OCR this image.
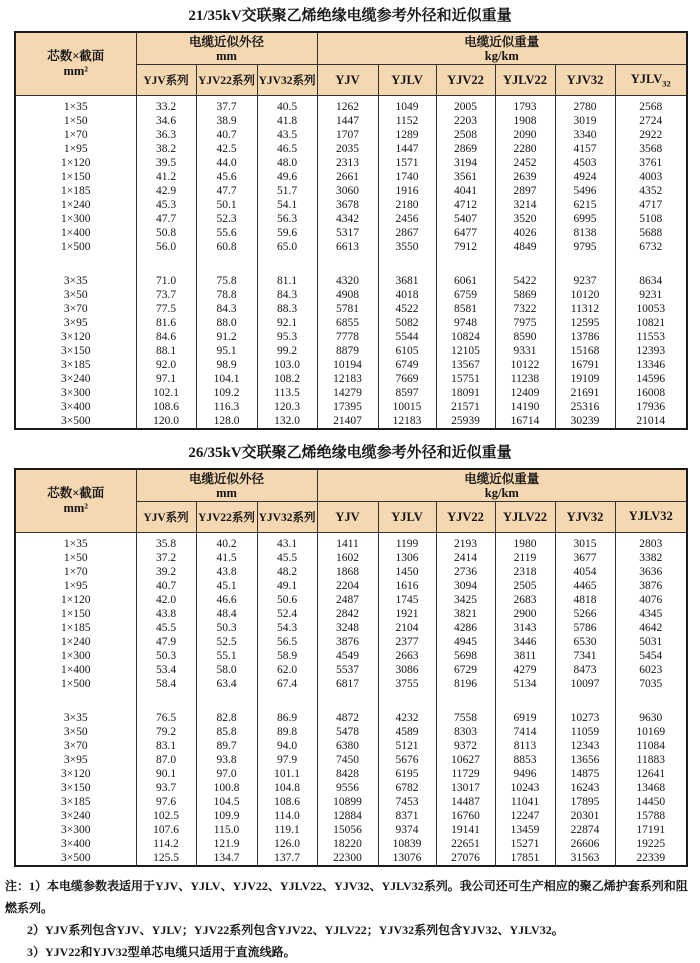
21/35kV交联聚乙烯绝缘电缆参考外径和近似重量
芯数×截面
mm²	电缆近似外径
mm			电缆近似重量
kg/km					
	YJV系列	YJV22系列	YJV32系列	YJV	YJLV	YJV22	YJLV22	YJV32	$YJLV_{32}$
1×35	33.2	37.7	40.5	1262	1049	2005	1793	2780	2568
1×50	34.6	38.9	41.8	1447	1152	2203	1908	3019	2724
1×70	36.3	40.7	43.5	1707	1289	2508	2090	3340	2922
1×95	38.2	42.5	46.5	2035	1447	2869	2280	4157	3568
1×120	39.5	44.0	48.0	2313	1571	3194	2452	4503	3761
1×150	41.2	45.6	49.6	2661	1740	3561	2639	4924	4003
1×185	42.9	47.7	51.7	3060	1916	4041	2897	5496	4352
1×240	45.3	50.1	54.1	3678	2180	4712	3214	6215	4717
1×300	47.7	52.3	56.3	4342	2456	5407	3520	6995	5108
1×400	50.8	55.6	59.6	5317	2867	6477	4026	8138	5688
1×500	56.0	60.8	65.0	6613	3550	7912	4849	9795	6732

3×35	71.0	75.8	81.1	4320	3681	6061	5422	9237	8634
3×50	73.7	78.8	84.3	4908	4018	6759	5869	10120	9231
3×70	77.5	84.3	88.3	5781	4522	8581	7322	11312	10053
3×95	81.6	88.0	92.1	6855	5082	9748	7975	12595	10821
3×120	84.6	91.2	95.3	7778	5544	10824	8590	13786	11553
3×150	88.1	95.1	99.2	8879	6105	12105	9331	15168	12393
3×185	92.0	98.9	103.0	10194	6749	13567	10122	16791	13346
3×240	97.1	104.1	108.2	12183	7669	15751	11238	19109	14596
3×300	102.1	109.2	113.5	14279	8597	18091	12409	21691	16008
3×400	108.6	116.3	120.3	17395	10015	21571	14190	25316	17936
3×500	120.0	128.0	132.0	21407	12183	25939	16714	30239	21014
26/35kV交联聚乙烯绝缘电缆参考外径和近似重量
芯数×截面
mm²	电缆近似外径
mm			电缆近似重量
kg/km					
	YJV系列	YJV22系列	YJV32系列	YJV	YJLV	YJV22	YJLV22	YJV32	YJLV32
1×35	35.8	40.2	43.1	1411	1199	2193	1980	3015	2803
1×50	37.2	41.5	45.5	1602	1306	2414	2119	3677	3382
1×70	39.2	43.8	48.2	1868	1450	2736	2318	4054	3636
1×95	40.7	45.1	49.1	2204	1616	3094	2505	4465	3876
1×120	42.0	46.6	50.6	2487	1745	3425	2683	4818	4076
1×150	43.8	48.4	52.4	2842	1921	3821	2900	5266	4345
1×185	45.5	50.3	54.3	3248	2104	4286	3143	5786	4642
1×240	47.9	52.5	56.5	3876	2377	4945	3446	6530	5031
1×300	50.3	55.1	58.9	4549	2663	5698	3811	7341	5454
1×400	53.4	58.0	62.0	5537	3086	6729	4279	8473	6023
1×500	58.4	63.4	67.4	6817	3755	8196	5134	10097	7035

3×35	76.5	82.8	86.9	4872	4232	7558	6919	10273	9630
3×50	79.2	85.8	89.8	5478	4589	8303	7414	11059	10169
3×70	83.1	89.7	94.0	6380	5121	9372	8113	12343	11084
3×95	87.0	93.8	97.9	7450	5676	10627	8853	13656	11883
3×120	90.1	97.0	101.1	8428	6195	11729	9496	14875	12641
3×150	93.7	100.8	104.8	9556	6782	13017	10243	16243	13468
3×185	97.6	104.5	108.6	10899	7453	14487	11041	17895	14450
3×240	102.5	109.9	114.0	12884	8371	16760	12247	20301	15788
3×300	107.6	115.0	119.1	15056	9374	19141	13459	22874	17191
3×400	114.2	121.9	126.0	18220	10839	22651	15271	26606	19225
3×500	125.5	134.7	137.7	22300	13076	27076	17851	31563	22339
注：1）本电缆参数表适用于YJV、YJLV、YJV22、YJLV22、YJV32、YJLV32系列。我公司还可生产相应的聚乙烯护套系列和阻燃系列。
2）YJV系列包含YJV、YJLV；YJV22系列包含YJV22、YJLV22；YJV32系列包含YJV32、YJLV32。
3）YJV22和YJV32型单芯电缆只适用于直流线路。
